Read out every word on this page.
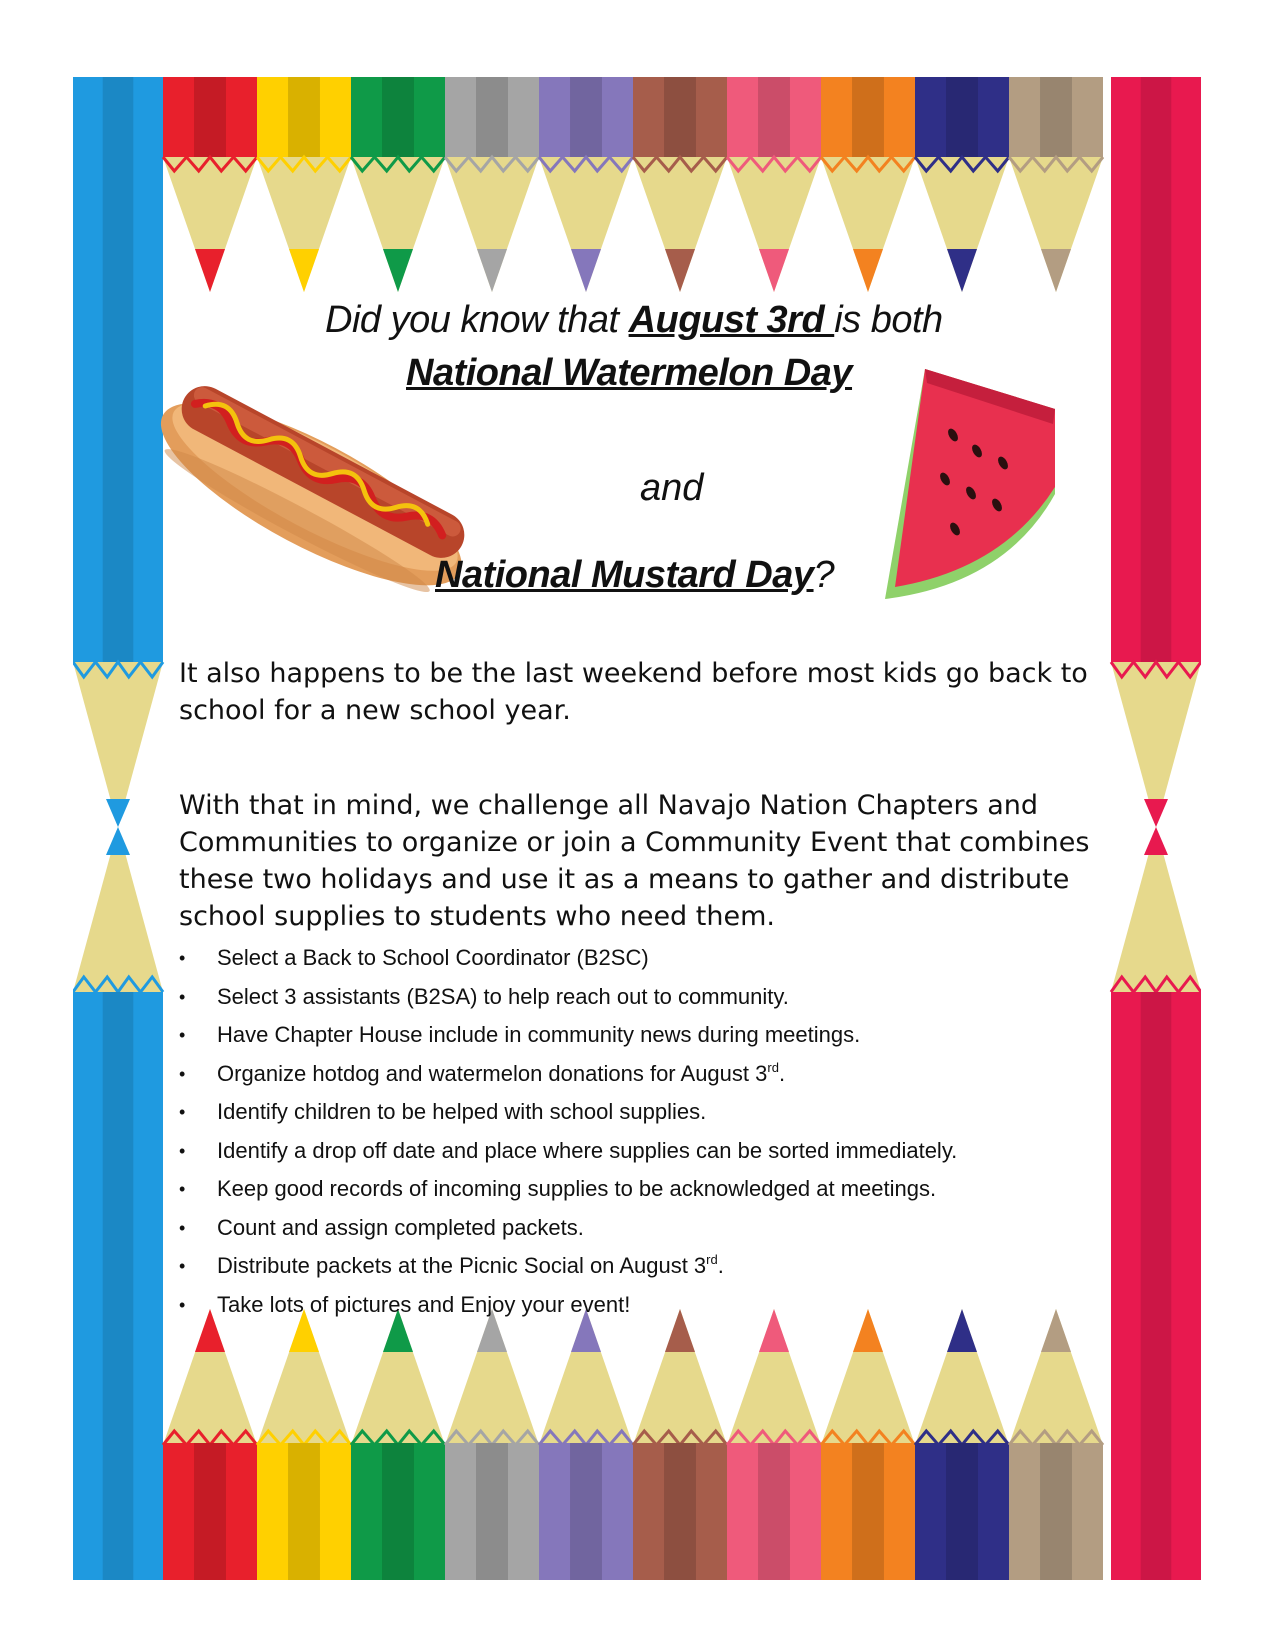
Did you know that August 3rd is both
National Watermelon Day
and
National Mustard Day?

It also happens to be the last weekend before most kids go back to school for a new school year.

With that in mind, we challenge all Navajo Nation Chapters and Communities to organize or join a Community Event that combines these two holidays and use it as a means to gather and distribute school supplies to students who need them.

• Select a Back to School Coordinator (B2SC)
• Select 3 assistants (B2SA) to help reach out to community.
• Have Chapter House include in community news during meetings.
• Organize hotdog and watermelon donations for August 3rd.
• Identify children to be helped with school supplies.
• Identify a drop off date and place where supplies can be sorted immediately.
• Keep good records of incoming supplies to be acknowledged at meetings.
• Count and assign completed packets.
• Distribute packets at the Picnic Social on August 3rd.
• Take lots of pictures and Enjoy your event!
